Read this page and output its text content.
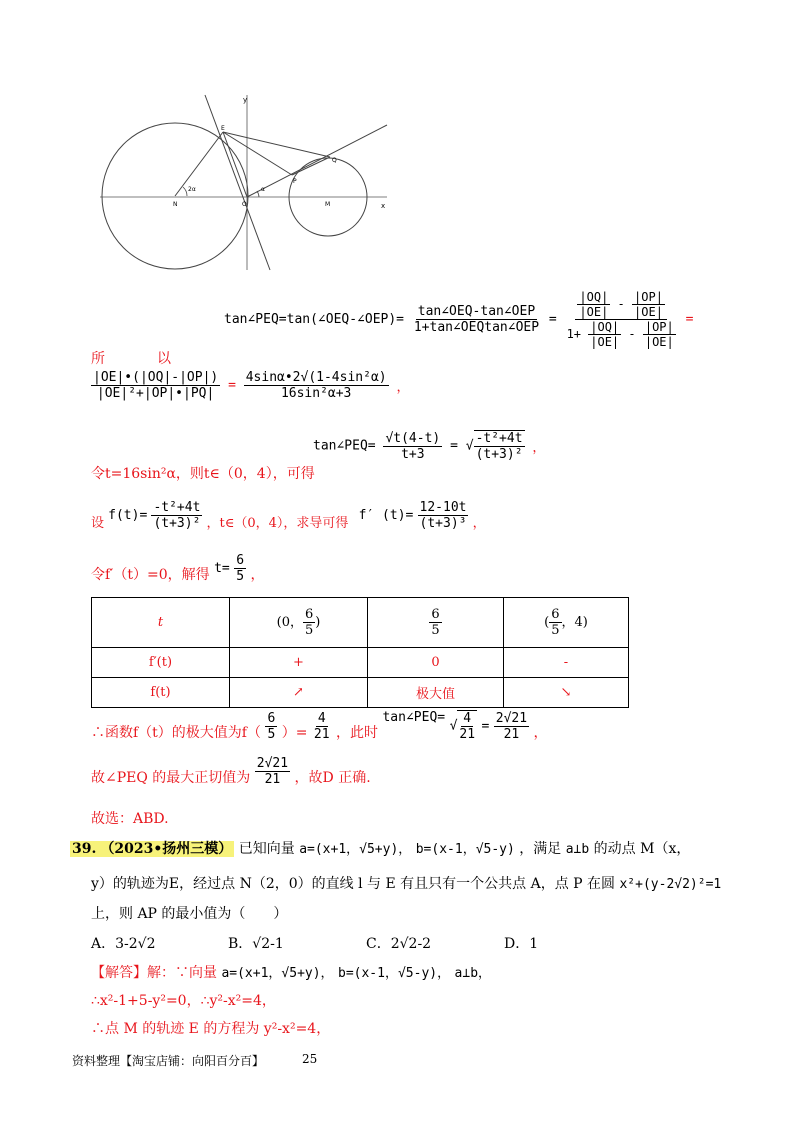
y
x
E
N	O	M
P
Q
2α	α
tan∠PEQ=tan(∠OEQ-∠OEP)= $\frac{\text{tan∠OEQ-tan∠OEP}}{\text{1+tan∠OEQtan∠OEP}} = \frac{\frac{|OQ|}{|OE|} - \frac{|OP|}{|OE|}}{1+ \frac{|OQ|}{|OE|} - \frac{|OP|}{|OE|}}$ =
所	以
$\frac{|OE|•(|OQ|-|OP|)}{\text{|OE|²+|OP|•|PQ|}} = \frac{\text{4sinα•2√(1-4sin²α)}}{\text{16sin²α+3}}$ ，
tan∠PEQ= $\frac{√t(4-t)}{t+3}$ = √ $\frac{\text{-t²+4t}}{\text{(t+3)²}}$ ，
令t=16sin²α，则t∈（0，4），可得
设 $f(t)= \frac{\text{-t²+4t}}{\text{(t+3)²}}$ ，t∈（0，4），求导可得 f′ $(t)= \frac{12-10t}{\text{(t+3)³}}$ ，
令f′（t）=0，解得 $t= \frac{6}{5}$ ，
t	(0， $\frac{6}{5}$ )	$\frac{6}{5}$	( $\frac{6}{5}$ ，4)
f′(t)	+	0	-
f(t)	↗	极大值	↘
∴函数f（t）的极大值为$f( \frac{6}{5}$ ）= $\frac{4}{21}$ ，此时 tan∠PEQ= √ $\frac{4}{21} = \frac{2√21}{21}$ ，
故∠PEQ 的最大正切值为 $\frac{2√21}{21}$ ，故D 正确.
故选：ABD.
39. （2023•扬州三模） 已知向量 a=(x+1，√5+y)， b=(x-1，√5-y) ，满足 a⊥b 的动点 M（x，
y）的轨迹为E，经过点 N（2，0）的直线 l 与 E 有且只有一个公共点 A，点 P 在圆 x²+(y-2√2)²=1
上，则 AP 的最小值为（　　）
A．3-2√2	B．√2-1	C．2√2-2	D．1
【解答】解：∵向量 a=(x+1，√5+y)， b=(x-1，√5-y)， a⊥b，
∴x²-1+5-y²=0，∴y²-x²=4，
∴点 M 的轨迹 E 的方程为 y²-x²=4，
资料整理【淘宝店铺：向阳百分百】	25
